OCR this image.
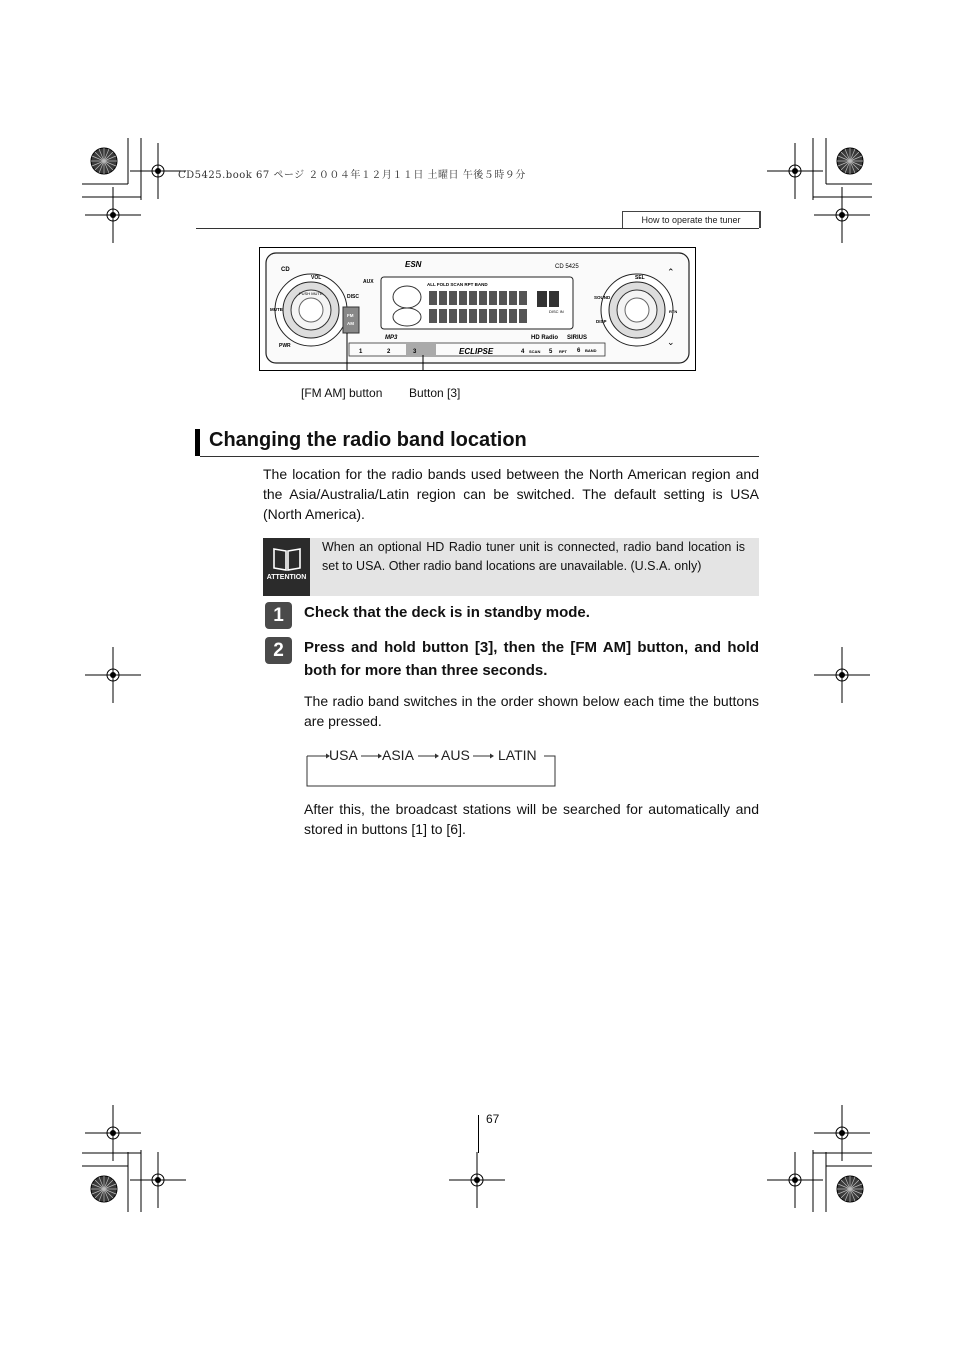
CD5425.book 67 ページ ２００４年１２月１１日 土曜日 午後５時９分
How to operate the tuner
CD
VOL
PUSH MUTE
MUTE
PWR
AUX
DISC
FM
AM
ESN	CD 5425
ALL FOLD SCAN RPT BAND
DISC IN
MP3	HD Radio SIRIUS
ECLIPSE
SEL
SOUND
DISP
RTN
1	2	3	4 SCAN 5 RPT 6 BAND
⌃
⌄
[FM AM] button Button [3]
Changing the radio band location
The location for the radio bands used between the North American region and the Asia/Australia/Latin region can be switched. The default setting is USA (North America).
ATTENTION
When an optional HD Radio tuner unit is connected, radio band location is set to USA. Other radio band locations are unavailable. (U.S.A. only)
1	Check that the deck is in standby mode.
2	Press and hold button [3], then the [FM AM] button, and hold both for more than three seconds.
The radio band switches in the order shown below each time the buttons are pressed.
USA ASIA AUS LATIN
After this, the broadcast stations will be searched for automatically and stored in buttons [1] to [6].
67
